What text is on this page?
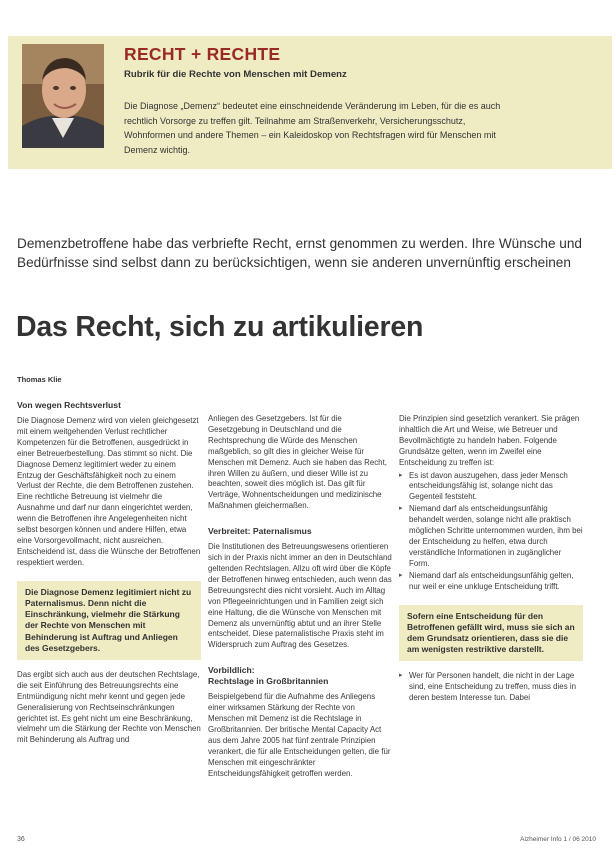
RECHT + RECHTE
Rubrik für die Rechte von Menschen mit Demenz
Die Diagnose „Demenz“ bedeutet eine einschneidende Veränderung im Leben, für die es auch rechtlich Vorsorge zu treffen gilt. Teilnahme am Straßenverkehr, Versicherungsschutz, Wohnformen und andere Themen – ein Kaleidoskop von Rechtsfragen wird für Menschen mit Demenz wichtig.
Demenzbetroffene habe das verbriefte Recht, ernst genommen zu werden. Ihre Wünsche und Bedürfnisse sind selbst dann zu berücksichtigen, wenn sie anderen unvernünftig erscheinen
Das Recht, sich zu artikulieren
Thomas Klie
Von wegen Rechtsverlust

Die Diagnose Demenz wird von vielen gleichgesetzt mit einem weitgehenden Verlust rechtlicher Kompetenzen für die Betroffenen, ausgedrückt in einer Betreuerbestellung. Das stimmt so nicht. Die Diagnose Demenz legitimiert weder zu einem Entzug der Geschäftsfähigkeit noch zu einem Verlust der Rechte, die dem Betroffenen zustehen. Eine rechtliche Betreuung ist vielmehr die Ausnahme und darf nur dann eingerichtet werden, wenn die Betroffenen ihre Angelegenheiten nicht selbst besorgen können und andere Hilfen, etwa eine Vorsorgevollmacht, nicht ausreichen. Entscheidend ist, dass die Wünsche der Betroffenen respektiert werden.

Die Diagnose Demenz legitimiert nicht zu Paternalismus. Denn nicht die Einschränkung, vielmehr die Stärkung der Rechte von Menschen mit Behinderung ist Auftrag und Anliegen des Gesetzgebers.

Das ergibt sich auch aus der deutschen Rechtslage, die seit Einführung des Betreuungsrechts eine Entmündigung nicht mehr kennt und gegen jede Generalisierung von Rechtseinschränkungen gerichtet ist. Es geht nicht um eine Beschränkung, vielmehr um die Stärkung der Rechte von Menschen mit Behinderung als Auftrag und

Anliegen des Gesetzgebers. Ist für die Gesetzgebung in Deutschland und die Rechtsprechung die Würde des Menschen maßgeblich, so gilt dies in gleicher Weise für Menschen mit Demenz. Auch sie haben das Recht, ihren Willen zu äußern, und dieser Wille ist zu beachten, soweit dies möglich ist. Das gilt für Verträge, Wohnentscheidungen und medizinische Maßnahmen gleichermaßen.

Verbreitet: Paternalismus

Die Institutionen des Betreuungswesens orientieren sich in der Praxis nicht immer an den in Deutschland geltenden Rechtslagen. Allzu oft wird über die Köpfe der Betroffenen hinweg entschieden, auch wenn das Betreuungsrecht dies nicht vorsieht. Auch im Alltag von Pflegeeinrichtungen und in Familien zeigt sich eine Haltung, die die Wünsche von Menschen mit Demenz als unvernünftig abtut und an ihrer Stelle entscheidet. Diese paternalistische Praxis steht im Widerspruch zum Auftrag des Gesetzes.

Vorbildlich:
Rechtslage in Großbritannien

Beispielgebend für die Aufnahme des Anliegens einer wirksamen Stärkung der Rechte von Menschen mit Demenz ist die Rechtslage in Großbritannien. Der britische Mental Capacity Act aus dem Jahre 2005 hat fünf zentrale Prinzipien verankert, die für alle Entscheidungen gelten, die für Menschen mit eingeschränkter Entscheidungsfähigkeit getroffen werden.

Die Prinzipien sind gesetzlich verankert. Sie prägen inhaltlich die Art und Weise, wie Betreuer und Bevollmächtigte zu handeln haben. Folgende Grundsätze gelten, wenn im Zweifel eine Entscheidung zu treffen ist:

▸ Es ist davon auszugehen, dass jeder Mensch entscheidungsfähig ist, solange nicht das Gegenteil feststeht.
▸ Niemand darf als entscheidungsunfähig behandelt werden, solange nicht alle praktisch möglichen Schritte unternommen wurden, ihm bei der Entscheidung zu helfen, etwa durch verständliche Informationen in zugänglicher Form.
▸ Niemand darf als entscheidungsunfähig gelten, nur weil er eine unkluge Entscheidung trifft.
Sofern eine Entscheidung für den Betroffenen gefällt wird, muss sie sich an dem Grundsatz orientieren, dass sie die am wenigsten restriktive darstellt.
▸ Wer für Personen handelt, die nicht in der Lage sind, eine Entscheidung zu treffen, muss dies in deren bestem Interesse tun. Dabei
36	Alzheimer Info 1 / 06 2010
